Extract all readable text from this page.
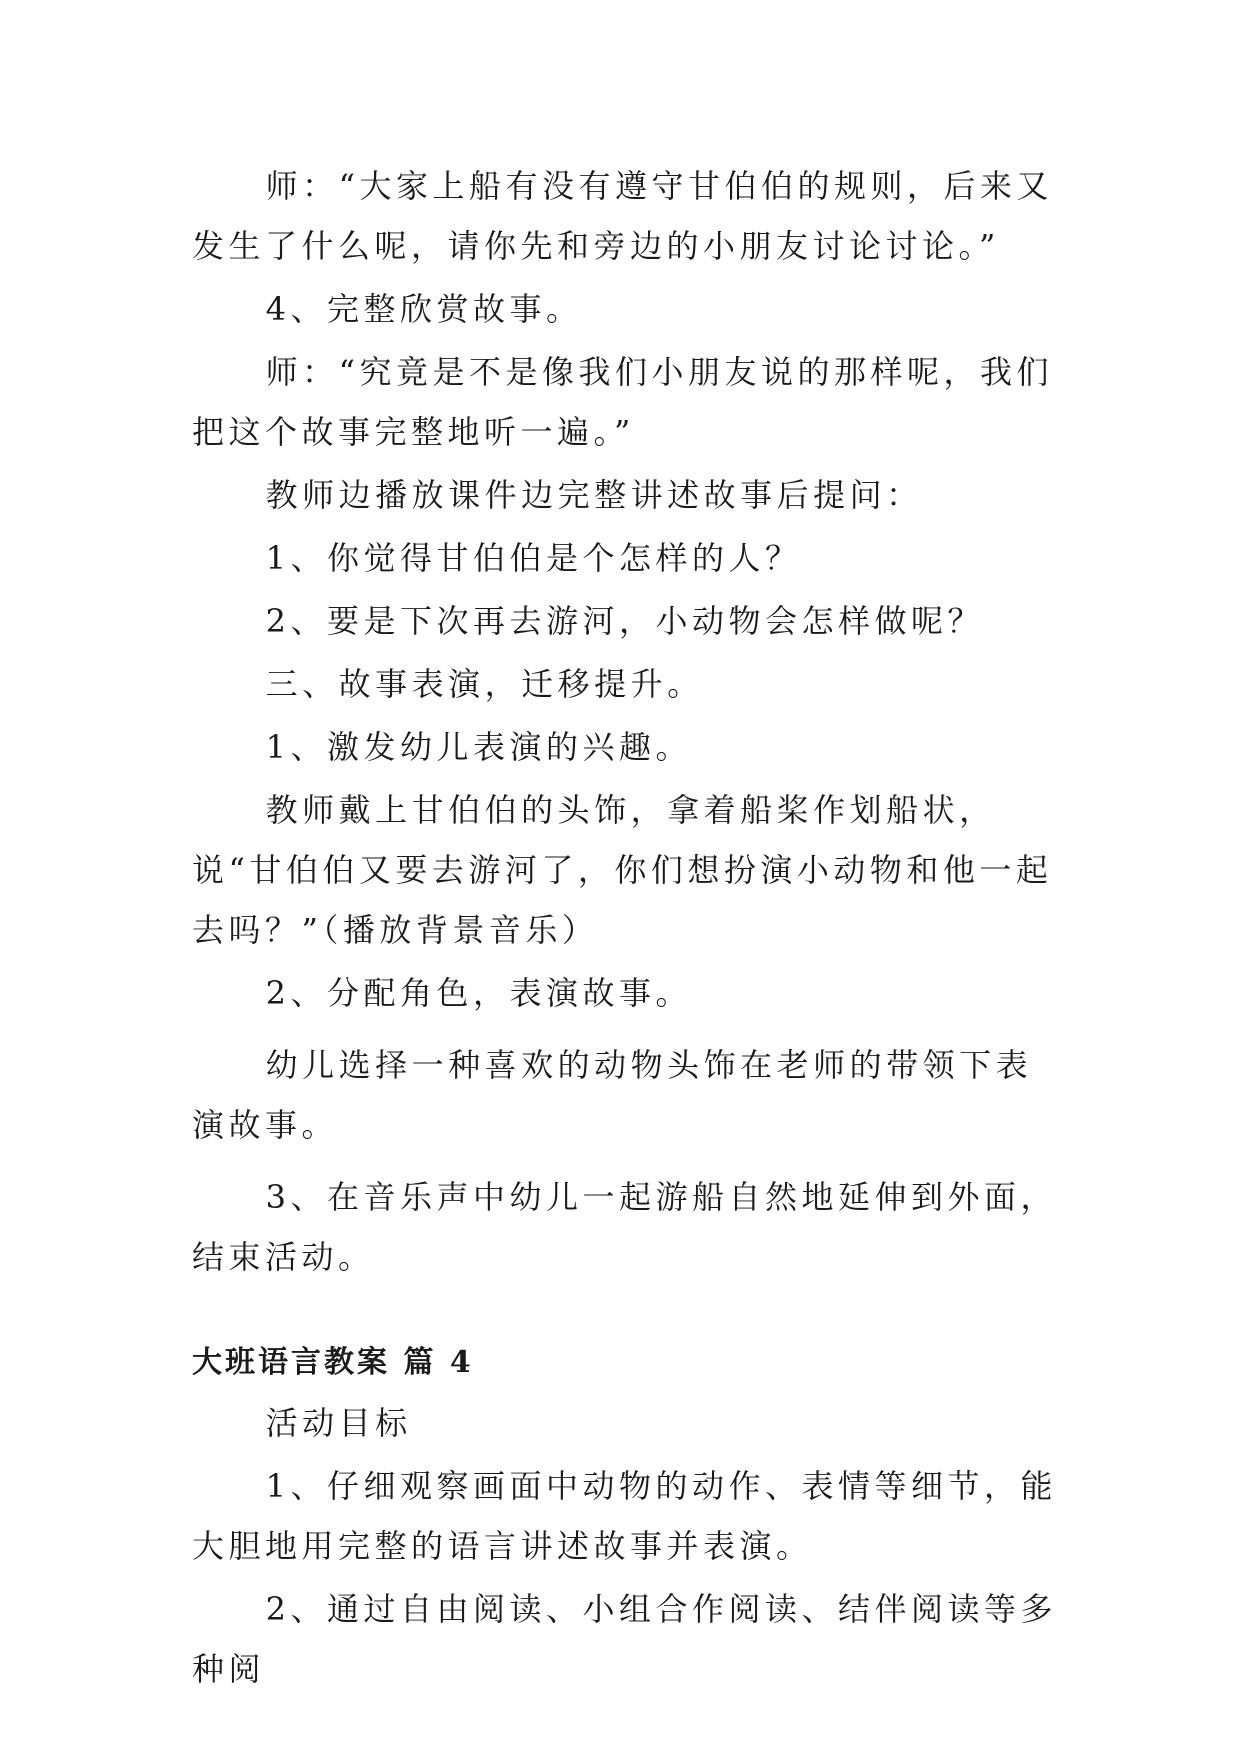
师：“大家上船有没有遵守甘伯伯的规则，后来又发生了什么呢，请你先和旁边的小朋友讨论讨论。”

4、完整欣赏故事。

师：“究竟是不是像我们小朋友说的那样呢，我们把这个故事完整地听一遍。”

教师边播放课件边完整讲述故事后提问：

1、你觉得甘伯伯是个怎样的人？

2、要是下次再去游河，小动物会怎样做呢？

三、故事表演，迁移提升。

1、激发幼儿表演的兴趣。

教师戴上甘伯伯的头饰，拿着船桨作划船状，说“甘伯伯又要去游河了，你们想扮演小动物和他一起去吗？”（播放背景音乐）

2、分配角色，表演故事。

幼儿选择一种喜欢的动物头饰在老师的带领下表演故事。

3、在音乐声中幼儿一起游船自然地延伸到外面，结束活动。

大班语言教案 篇 4

活动目标

1、仔细观察画面中动物的动作、表情等细节，能大胆地用完整的语言讲述故事并表演。

2、通过自由阅读、小组合作阅读、结伴阅读等多种阅
